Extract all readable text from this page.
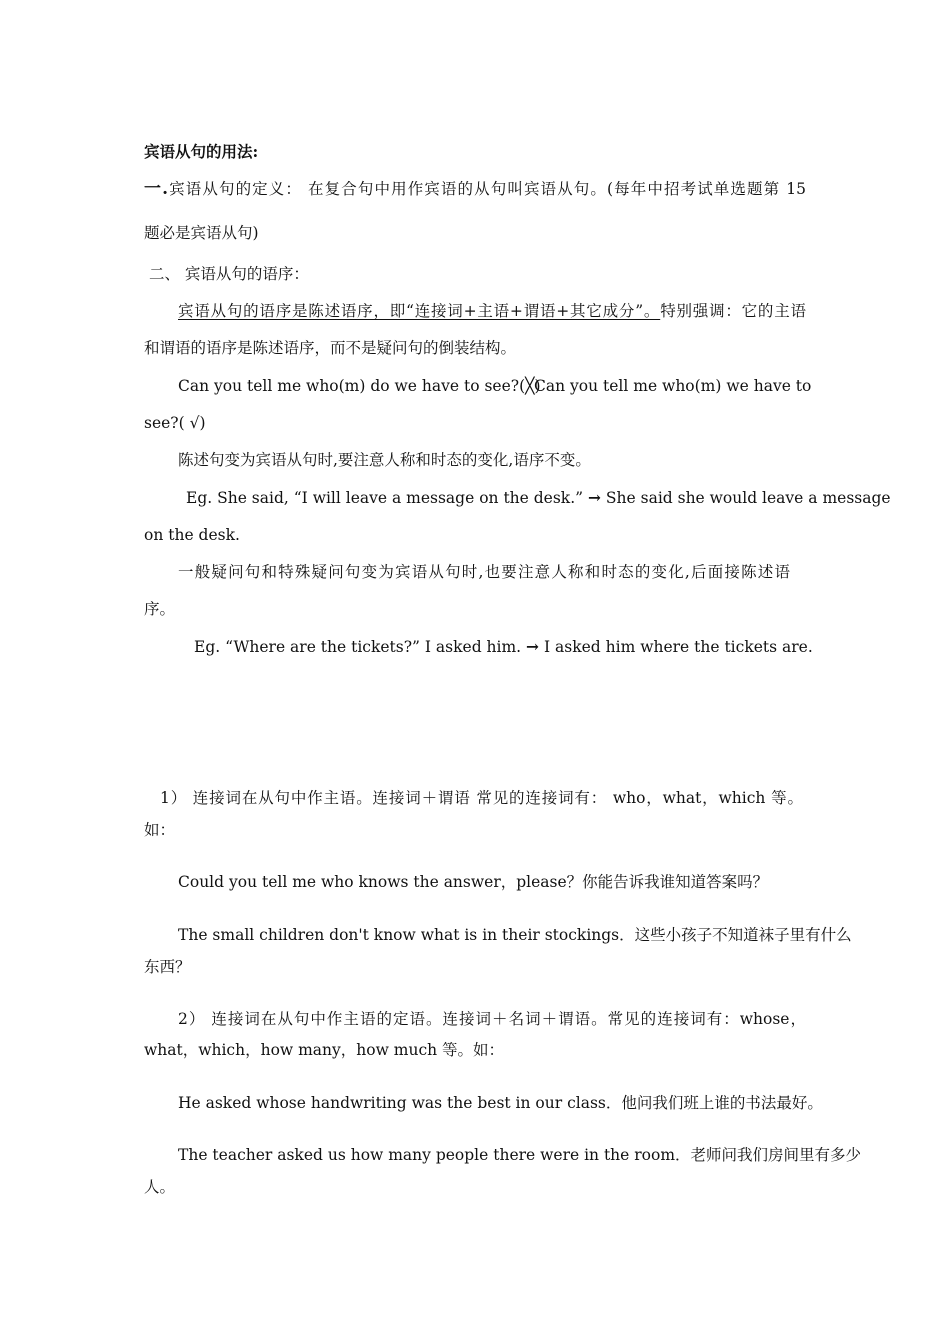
宾语从句的用法:
一.宾语从句的定义： 在复合句中用作宾语的从句叫宾语从句。(每年中招考试单选题第 15
题必是宾语从句)
二、 宾语从句的语序：
宾语从句的语序是陈述语序，即“连接词+主语+谓语+其它成分”。特别强调：它的主语
和谓语的语序是陈述语序，而不是疑问句的倒装结构。
Can you tell me who(m) do we have to see?(╳)
Can you tell me who(m) we have to
see?( √)
陈述句变为宾语从句时,要注意人称和时态的变化,语序不变。
Eg. She said, “I will leave a message on the desk.” → She said she would leave a message
on the desk.
一般疑问句和特殊疑问句变为宾语从句时,也要注意人称和时态的变化,后面接陈述语
序。
Eg. “Where are the tickets?” I asked him. → I asked him where the tickets are.
1） 连接词在从句中作主语。连接词＋谓语 常见的连接词有： who，what，which 等。
如：
Could you tell me who knows the answer，please？你能告诉我谁知道答案吗？
The small children don't know what is in their stockings．这些小孩子不知道袜子里有什么
东西？
2） 连接词在从句中作主语的定语。连接词＋名词＋谓语。常见的连接词有：whose，
what，which，how many，how much 等。如：
He asked whose handwriting was the best in our class．他问我们班上谁的书法最好。
The teacher asked us how many people there were in the room．老师问我们房间里有多少
人。
